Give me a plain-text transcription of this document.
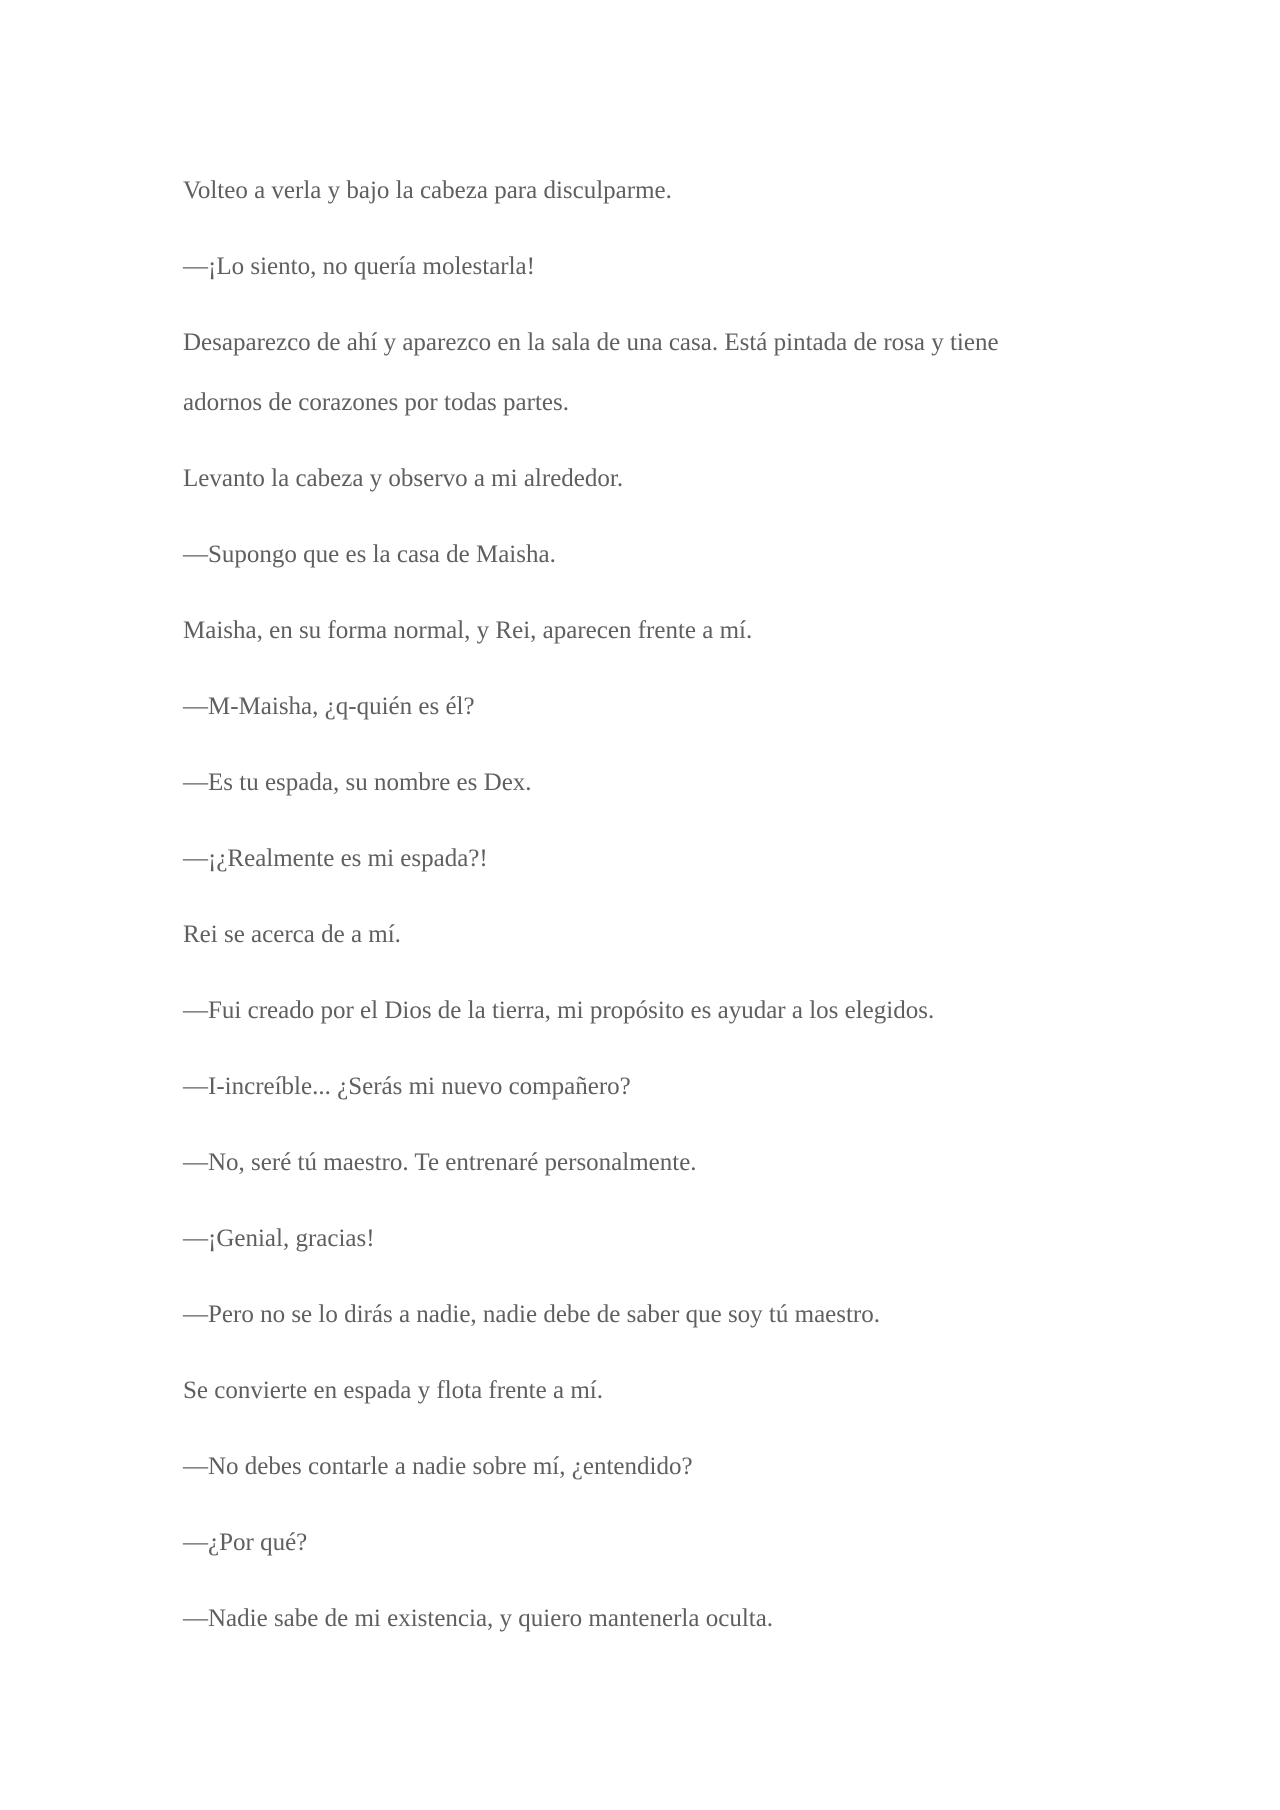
Volteo a verla y bajo la cabeza para disculparme.

—¡Lo siento, no quería molestarla!

Desaparezco de ahí y aparezco en la sala de una casa. Está pintada de rosa y tiene adornos de corazones por todas partes.

Levanto la cabeza y observo a mi alrededor.

—Supongo que es la casa de Maisha.

Maisha, en su forma normal, y Rei, aparecen frente a mí.

—M-Maisha, ¿q-quién es él?

—Es tu espada, su nombre es Dex.

—¡¿Realmente es mi espada?!

Rei se acerca de a mí.

—Fui creado por el Dios de la tierra, mi propósito es ayudar a los elegidos.

—I-increíble... ¿Serás mi nuevo compañero?

—No, seré tú maestro. Te entrenaré personalmente.

—¡Genial, gracias!

—Pero no se lo dirás a nadie, nadie debe de saber que soy tú maestro.

Se convierte en espada y flota frente a mí.

—No debes contarle a nadie sobre mí, ¿entendido?

—¿Por qué?

—Nadie sabe de mi existencia, y quiero mantenerla oculta.
